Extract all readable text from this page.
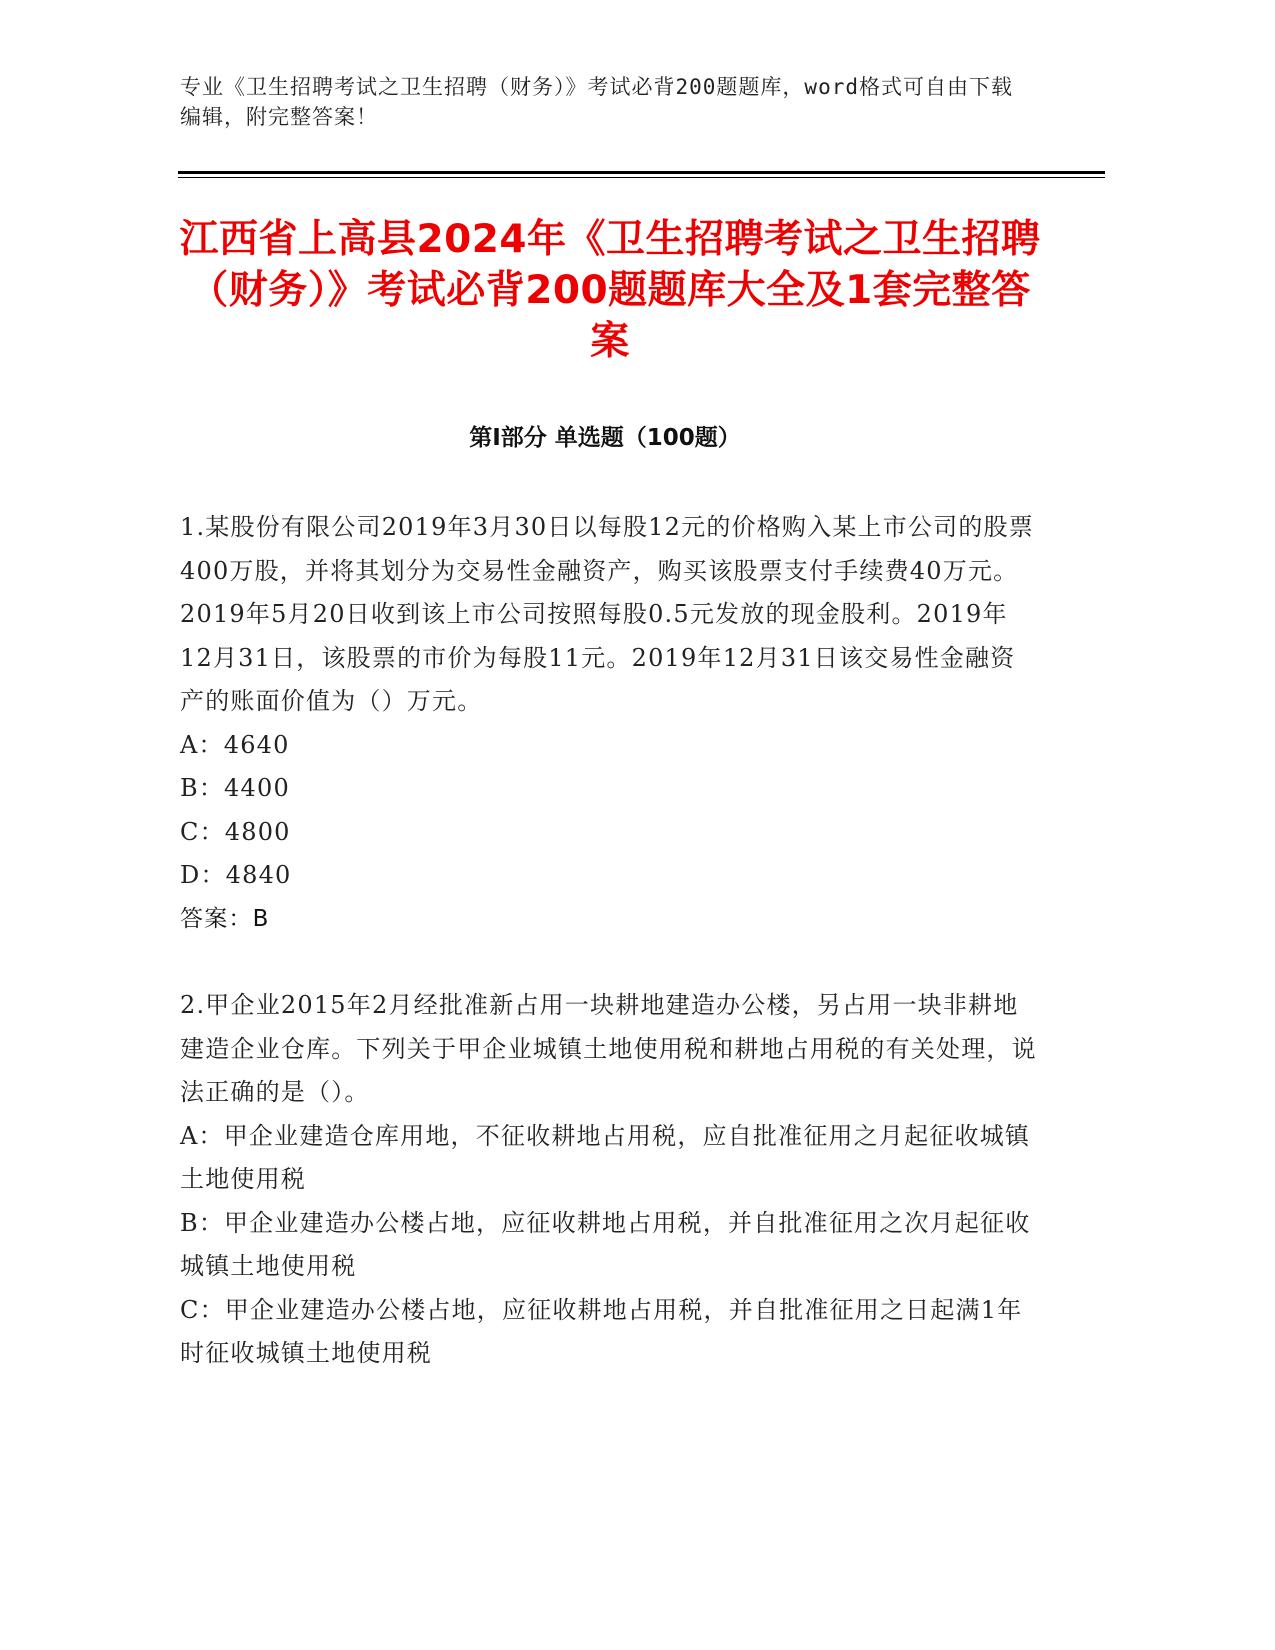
专业《卫生招聘考试之卫生招聘（财务）》考试必背200题题库，word格式可自由下载编辑，附完整答案！
江西省上高县2024年《卫生招聘考试之卫生招聘（财务）》考试必背200题题库大全及1套完整答案
第Ⅰ部分 单选题（100题）

1.某股份有限公司2019年3月30日以每股12元的价格购入某上市公司的股票400万股，并将其划分为交易性金融资产，购买该股票支付手续费40万元。2019年5月20日收到该上市公司按照每股0.5元发放的现金股利。2019年12月31日，该股票的市价为每股11元。2019年12月31日该交易性金融资产的账面价值为（）万元。

A：4640

B：4400

C：4800

D：4840

答案：B

2.甲企业2015年2月经批准新占用一块耕地建造办公楼，另占用一块非耕地建造企业仓库。下列关于甲企业城镇土地使用税和耕地占用税的有关处理，说法正确的是（）。

A：甲企业建造仓库用地，不征收耕地占用税，应自批准征用之月起征收城镇土地使用税

B：甲企业建造办公楼占地，应征收耕地占用税，并自批准征用之次月起征收城镇土地使用税

C：甲企业建造办公楼占地，应征收耕地占用税，并自批准征用之日起满1年时征收城镇土地使用税
